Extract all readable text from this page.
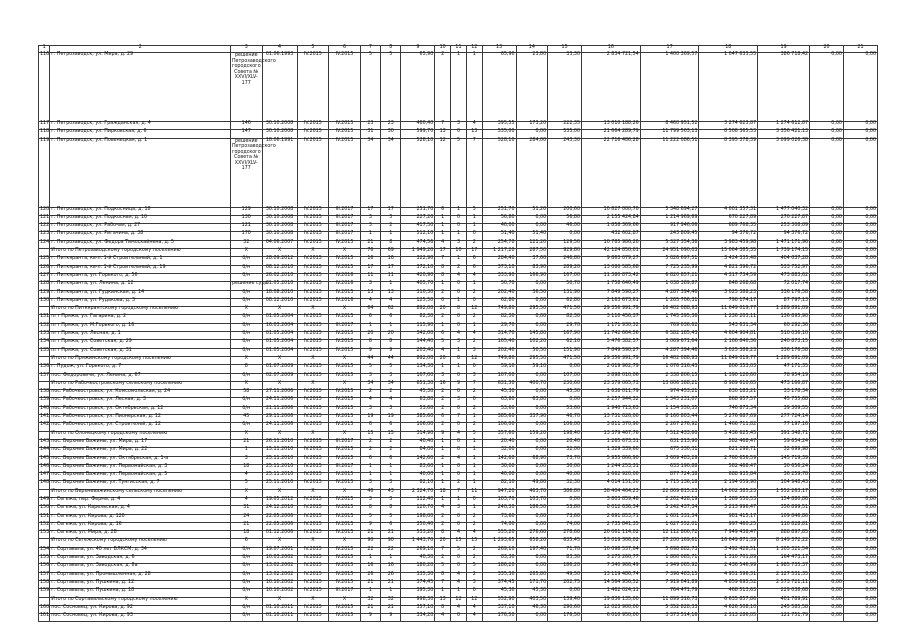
1	2	3	4	5	6	7	8	9	10	11	12	13	14	15	16	17	18	19	20	21
116	г. Петрозаводск, ул. Мира, д. 29	решение Петрозаводского городского Совета № XXVI/XLV-177	01.06.1993	IV.2015	IV.2015	5	5	65,90	2	1	1	65,90	23,80	33,30	2 834 721,54	1 400 369,57	1 047 633,55	386 718,42	0,00	0,00
117	г. Петрозаводск, ул. Гражданская, д. 4	146	30.10.2008	IV.2015	IV.2015	23	23	460,40	7	3	4	395,55	173,20	222,35	13 010 188,26	8 460 951,52	3 274 623,87	1 274 612,87	0,00	0,00
118	г. Петрозаводск, ул. Пирковская, д. 6	147	30.10.2008	IV.2015	IV.2015	31	30	599,70	13	0	13	535,00	0,00	535,00	21 664 289,79	11 799 503,13	8 508 365,53	3 356 421,13	0,00	0,00
119	г. Петрозаводск, ул. Повенецкая, д. 1	решение Петрозаводского городского Совета № XXVI/XLV-177	18.06.1991	IV.2015	IV.2015	34	34	528,10	12	5	7	528,10	284,00	243,30	22 716 486,28	11 222 086,51	8 395 378,39	3 099 026,38	0,00	0,00
120	г. Петрозаводск, ул. Подкосница, д. 18	129	30.10.2008	IV.2015	III.2017	17	17	251,70	6	1	5	251,70	51,20	200,60	10 827 000,70	5 348 694,27	4 001 357,31	1 477 040,32	0,00	0,00
121	г. Петрозаводск, ул. Подкосная, д. 10	130	30.10.2008	IV.2015	III.2017	3	3	227,20	1	0	1	56,80	0,00	56,80	2 155 424,84	1 214 969,69	670 227,89	270 227,87	0,00	0,00
122	г. Петрозаводск, ул. Рабочая, д. 27	121	30.10.2008	IV.2015	III.2017	3	2	417,50	1	0	1	46,00	0,00	46,00	1 858 369,66	917 946,06	689 768,35	253 308,09	0,00	0,00
123	г. Петрозаводск, ул. Ригачина, д. 38	170	30.10.2008	IV.2015	III.2017	1	1	512,10	1	1	0	51,40	51,40	0,00	432 602,87	243 809,45	94 376,72	94 376,72	0,00	0,00
124	г. Петрозаводск, ул. Федора Тимоскайнена, д. 5	32	04.06.2007	IV.2015	IV.2015	21	8	474,56	4	3	2	254,70	121,20	129,50	10 785 986,20	5 327 354,36	3 983 459,98	1 471 171,96	0,00	0,00
	Итого по Петрозаводскому городскому поселению	X	X	X	X	76	69	1 949,20	17	10	17	1 217,20	287,50	929,80	42 124 850,01	24 951 090,03	15 064 385,35	1 739 174,15	0,00	0,00
125	г. Питкяранта, кв-л. 1-й Строительный, д. 1	б/н	28.09.2012	IV.2015	IV.2015	16	16	322,90	7	1	6	284,40	37,60	246,80	9 863 079,27	5 026 697,51	3 424 335,48	404 037,28	0,00	0,00
126	г. Питкяранта, кв-л. 1-й Строительный, д. 19	б/н	08.12.2010	IV.2015	IV.2015	17	17	372,10	8	2	6	373,10	83,90	289,20	13 080 585,68	7 725 235,99	4 821 396,72	533 752,97	0,00	0,00
127	г. Питкяранта, ул. Горького, д. 56	б/н	26.02.2010	IV.2015	IV.2016	11	11	420,90	8	4	4	333,90	166,90	167,00	11 380 873,42	6 820 857,21	4 317 734,59	473 883,62	0,00	0,00
128	г. Питкяранта, ул. Ленина, д. 12	решение суда	31.05.2010	IV.2015	IV.2016	3	1	405,70	1	0	1	50,70	0,00	50,70	1 758 640,49	1 038 389,87	648 268,68	72 017,74	0,00	0,00
129	г. Питкяранта, ул. Гудкинская, д. 14	б/н	18.08.2010	IV.2015	IV.2015	13	13	310,30	2	0	2	202,40	36,50	131,90	7 849 590,27	4 287 394,46	3 025 388,23	336 176,58	0,00	0,00
130	г. Питкяранта, ул. Рудакова, д. 3	б/н	08.12.2010	IV.2015	IV.2016	4	4	125,50	0	1	0	62,80	0,00	62,80	2 163 673,61	1 265 706,31	790 174,17	87 797,13	0,00	0,00
	Итого по Питкярантскому городскому поселению	X	X	X	X	64	62	892,00	20	8	12	749,80	295,50	471,50	29 356 991,79	16 402 088,93	11 649 019,77	1 289 891,09	0,00	0,00
131	пгт Пряжа, ул. Гагарина, д. 2	б/н	01.05.2004	IV.2015	IV.2015	6	6	82,30	2	0	2	82,30	0,00	82,30	3 110 456,37	1 745 395,36	1 236 203,11	136 895,90	0,00	0,00
132	пгт Пряжа, ул. М.Горького, д. 16	б/н	16.03.2004	IV.2015	III.2017	1	1	115,90	1	0	1	29,70	0,00	29,70	1 171 930,32	769 036,62	543 631,34	60 292,36	0,00	0,00
133	пгт Пряжа, ул. Лесная, д. 1	б/н	01.05.2004	IV.2015	IV.2015	20	20	342,00	6	4	4	314,70	145,80	167,90	11 742 664,56	6 582 185,43	4 604 904,81	510 036,10	0,00	0,00
134	пгт Пряжа, ул. Советская, д. 29	б/н	01.05.2004	IV.2015	IV.2015	8	8	144,40	5	3	2	165,40	102,20	62,10	5 476 382,57	3 069 671,64	2 166 840,36	240 873,15	0,00	0,00
135	пгт Пряжа, ул. Советская, д. 31	б/н	01.05.2004	IV.2015	IV.2015	9	9	203,40	4	1	3	202,40	50,50	151,90	7 849 590,27	4 287 394,46	3 025 388,23	336 176,58	0,00	0,00
	Итого по Пряжинскому городскому поселению	X	X	X	X	44	44	892,00	20	8	12	749,80	295,50	471,50	29 356 991,79	16 402 088,93	11 649 019,77	1 289 891,09	0,00	0,00
136	г. Пудож, ул. Горького, д. 7	8	01.07.2009	IV.2015	IV.2015	5	5	134,30	1	1	0	59,10	59,10	0,00	2 019 962,79	1 076 316,43	806 353,03	47 171,35	0,00	0,00
137	пос. Федоровичи, ул. Ленина, д. 67	б/н	02.07.2009	IV.2015	IV.2015	3	3	107,00	3	0	3	107,00	0,00	107,00	3 898 010,06	2 338 806,15	1 390 120,60	78 954,19	0,00	0,00
	Итого по Рабочеостровскому сельскому поселению	X	X	X	X	34	34	651,30	16	9	7	631,30	400,70	230,60	23 379 065,73	13 806 388,21	8 989 610,65	473 166,87	0,00	0,00
138	пос. Рабочеостровск, ул. Комсомольская, д. 24	58	27.11.2006	IV.2015	IV.2015	2	2	45,30	2	0	2	45,30	0,00	45,30	1 638 011,79	974 453,21	630 183,21	33 178,34	0,00	0,00
139	пос. Рабочеостровск, ул. Лесная, д. 3	б/н	24.11.2006	IV.2015	IV.2015	4	4	63,80	2	3	0	63,80	63,80	0,00	2 257 944,32	1 343 231,07	868 957,57	45 755,68	0,00	0,00
140	пос. Рабочеостровск, ул. Октябрьская, д. 12	б/н	21.11.2006	IV.2015	IV.2015	3	3	53,60	2	0	2	53,60	0,00	53,60	1 940 713,63	1 154 550,35	746 873,34	39 309,55	0,00	0,00
141	пос. Рабочеостровск, ул. Пионерская, д. 12	45	29.11.2006	IV.2015	IV.2015	19	19	385,60	6	7	1	385,60	337,90	46,70	13 731 026,00	8 160 803,44	5 276 687,69	277 724,14	0,00	0,00
142	пос. Рабочеостровск, ул. Строителей, д. 12	б/н	24.11.2006	IV.2015	IV.2015	6	6	106,00	2	0	2	106,00	0,00	106,00	3 811 370,90	2 267 276,92	1 466 711,82	77 197,16	0,00	0,00
	Итого по Олонецкому городскому поселению	X	X	X	X	15	15	314,90	9	4	5	357,60	159,20	198,40	13 379 467,76	7 512 433,60	5 436 625,45	391 348,71	0,00	0,00
143	пос. Верхние Важины, ул. Мира, д. 17	21	26.11.2010	IV.2015	III.2017	2	2	40,40	1	0	1	20,40	0,00	20,40	1 265 673,31	631 213,90	582 468,47	59 654,24	0,00	0,00
144	пос. Верхние Важины, ул. Мира, д. 22	1	15.11.2010	IV.2015	IV.2015	2	2	64,00	1	0	1	32,00	0,00	32,00	1 329 339,60	675 330,31	621 298,71	32 699,98	0,00	0,00
145	пос. Верхние Важины, ул. Октябрьская, д. 1-а	3	25.11.2010	IV.2015	IV.2015	6	6	142,60	2	4	1	142,60	68,90	73,70	5 955 866,90	3 609 483,29	2 760 656,59	145 719,39	0,00	0,00
146	пос. Верхние Важины, ул. Первомайская, д. 3	18	25.11.2010	IV.2015	III.2017	1	1	83,60	1	0	1	30,00	0,00	30,00	1 244 253,31	633 190,88	582 468,47	30 656,24	0,00	0,00
147	пос. Верхние Важины, ул. Первомайская, д. 5	4	25.11.2010	IV.2015	IV.2015	1	1	40,00	1	0	1	40,00	0,00	40,00	1 662 920,00	877 724,38	688 935,84	36 259,78	0,00	0,00
148	пос. Верхние Важины, ул. Тунгисская, д. 7	5	25.11.2010	IV.2015	IV.2015	3	3	82,10	1	2	1	82,10	49,80	32,30	4 014 151,50	1 715 136,18	2 194 059,90	104 948,43	0,00	0,00
	Итого по Верхневажинскому сельскому поселению	X	X	X	X	46	43	2 324,70	18	7	11	947,20	463,70	386,80	38 404 464,23	22 869 815,23	14 002 385,23	1 552 263,17	0,00	0,00
149	г. Сегежа, пер. Ферма, д. 4	4	19.05.2012	IV.2015	IV.2015	3	3	112,40	1	1	0	103,70	103,70	0,00	3 803 859,48	2 262 428,19	1 389 550,53	154 880,86	0,00	0,00
150	г. Сегежа, ул. Карельская, д. 4	31	24.12.2010	IV.2015	IV.2015	8	8	120,70	4	3	1	240,30	186,50	53,80	8 012 636,34	5 242 437,34	3 213 996,47	356 899,51	0,00	0,00
151	г. Сегежа, ул. Кирова, д. 12б	24	22.05.2006	IV.2015	IV.2015	5	5	198,00	2	0	2	73,60	0,00	73,60	2 691 853,71	1 601 331,34	981 415,17	109 846,86	0,00	0,00
152	г. Сегежа, ул. Кирова, д. 16	21	22.05.2006	IV.2015	IV.2015	9	6	350,40	2	0	2	74,00	0,00	74,00	2 735 841,35	1 627 552,01	997 460,25	110 828,81	0,00	0,00
153	г. Сегежа, ул. Мира, д. 28	18	01.12.2006	IV.2015	IV.2015	21	21	533,20	8	4	4	555,20	276,60	278,60	20 061 114,02	12 112 800,72	7 949 438,47	888 897,85	0,00	0,00
	Итого по Сегежскому городскому поселению	6	X	X	X	90	90	1 443,70	20	15	15	1 293,65	658,20	635,45	53 019 306,02	27 200 169,61	16 649 871,39	8 149 372,22	0,00	0,00
154	г. Сортавала, ул. 40 лет ВЛКСМ, д. 34	б/н	19.07.2001	IV.2015	IV.2015	22	22	269,10	7	5	2	269,10	197,40	71,70	10 098 537,04	5 698 882,73	3 492 428,51	1 305 321,54	0,00	0,00
155	г. Сортавала, ул. Заводская, д. 6	б/н	10.03.2002	IV.2015	IV.2015	1	1	40,30	2	0	2	83,30	0,00	83,30	3 275 260,77	1 800 085,71	1 310 701,89	164 473,17	0,00	0,00
156	г. Сортавала, ул. Заводская, д. 8а	б/н	13.02.2002	IV.2015	IV.2015	16	16	180,20	5	0	5	186,20	0,00	186,20	7 340 966,49	3 949 065,92	2 436 546,99	1 985 735,37	0,00	0,00
157	г. Сортавала, ул. Промышленная, д. 28	б/н	13.02.2002	IV.2015	IV.2015	26	26	335,30	8	4	2	335,30	285,80	49,50	13 119 486,74	7 396 483,15	4 951 596,31	2 127 531,35	0,00	0,00
158	г. Сортавала, ул. Пушкина, д. 12	б/н	10.10.2002	IV.2015	IV.2015	21	21	374,45	7	4	3	374,45	171,70	202,75	14 564 956,52	7 919 041,89	4 859 695,52	2 573 721,11	0,00	0,00
159	г. Сортавала, ул. Пушкина, д. 18	б/н	10.10.2002	IV.2015	III.2017	1	1	395,30	1	1	0	45,30	45,30	0,00	1 462 024,11	764 471,79	468 513,63	229 038,68	0,00	0,00
	Итого по Сортавальскому городскому поселению	X	X	X	X	32	32	998,30	13	12	12	552,90	403,50	139,40	19 836 135,00	11 899 316,73	6 635 857,86	401 789,91	0,00	0,00
160	пос. Сосновец, ул. Кирова, д. 92	б/н	01.10.2011	IV.2015	IV.2015	21	21	357,10	8	4	4	337,10	46,30	290,60	12 023 900,00	5 352 828,33	4 626 508,10	245 585,58	0,00	0,00
161	пос. Сосновец, ул. Кирова, д. 93	б/н	01.10.2011	IV.2015	IV.2015	9	9	334,20	4	0	4	176,50	0,00	176,50	6 010 950,00	3 373 514,16	2 313 286,05	121 751,79	0,00	0,00
